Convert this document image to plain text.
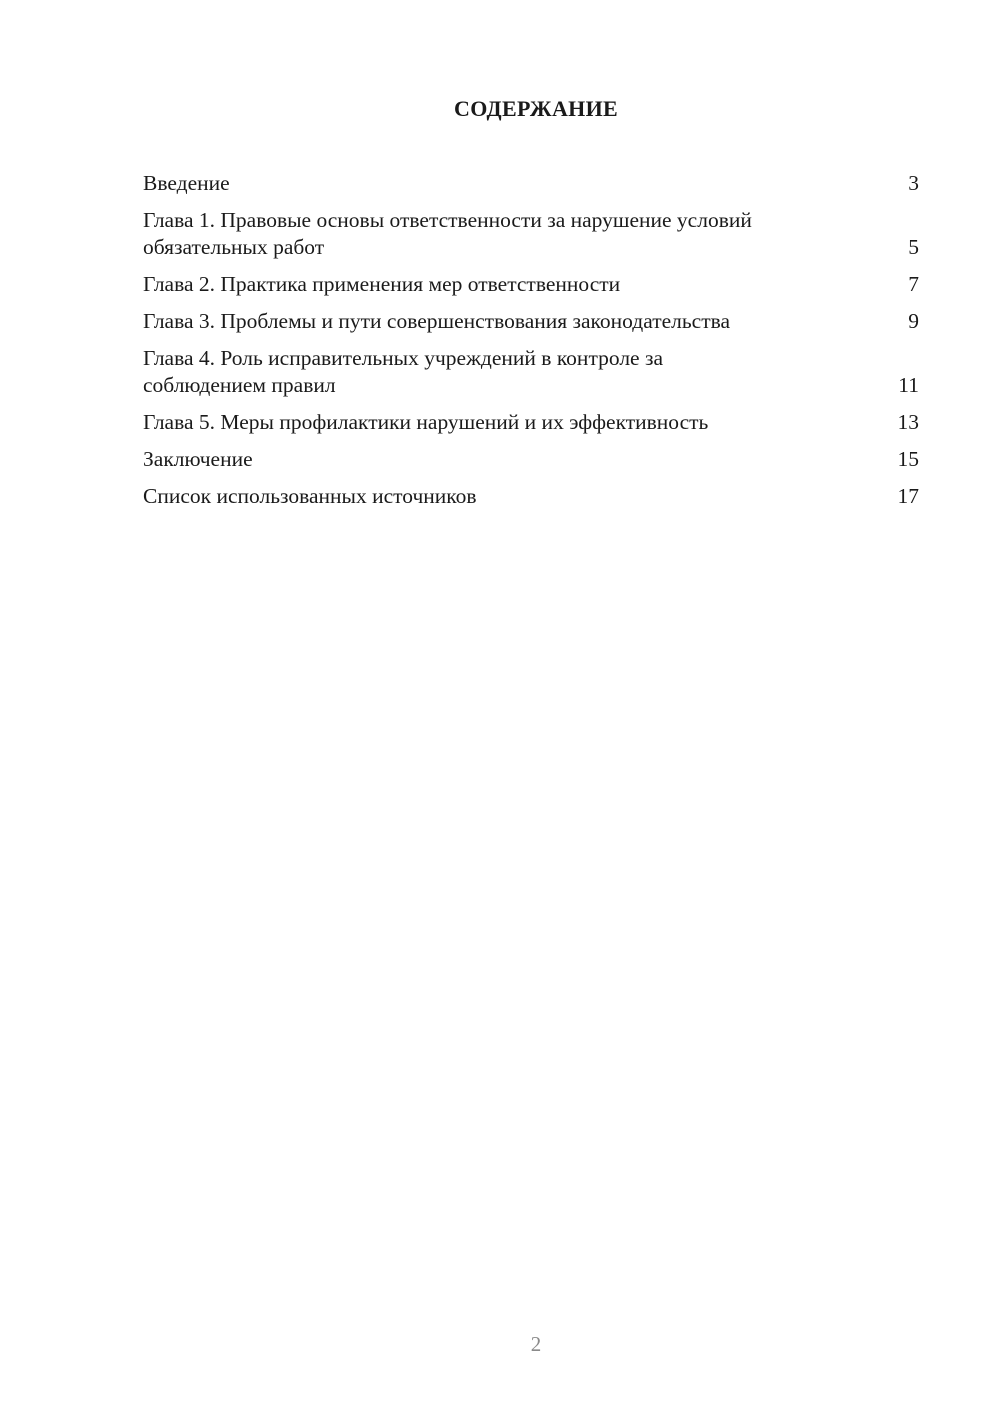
СОДЕРЖАНИЕ
Введение	3
Глава 1. Правовые основы ответственности за нарушение условий обязательных работ	5
Глава 2. Практика применения мер ответственности	7
Глава 3. Проблемы и пути совершенствования законодательства	9
Глава 4. Роль исправительных учреждений в контроле за соблюдением правил	11
Глава 5. Меры профилактики нарушений и их эффективность	13
Заключение	15
Список использованных источников	17
2
